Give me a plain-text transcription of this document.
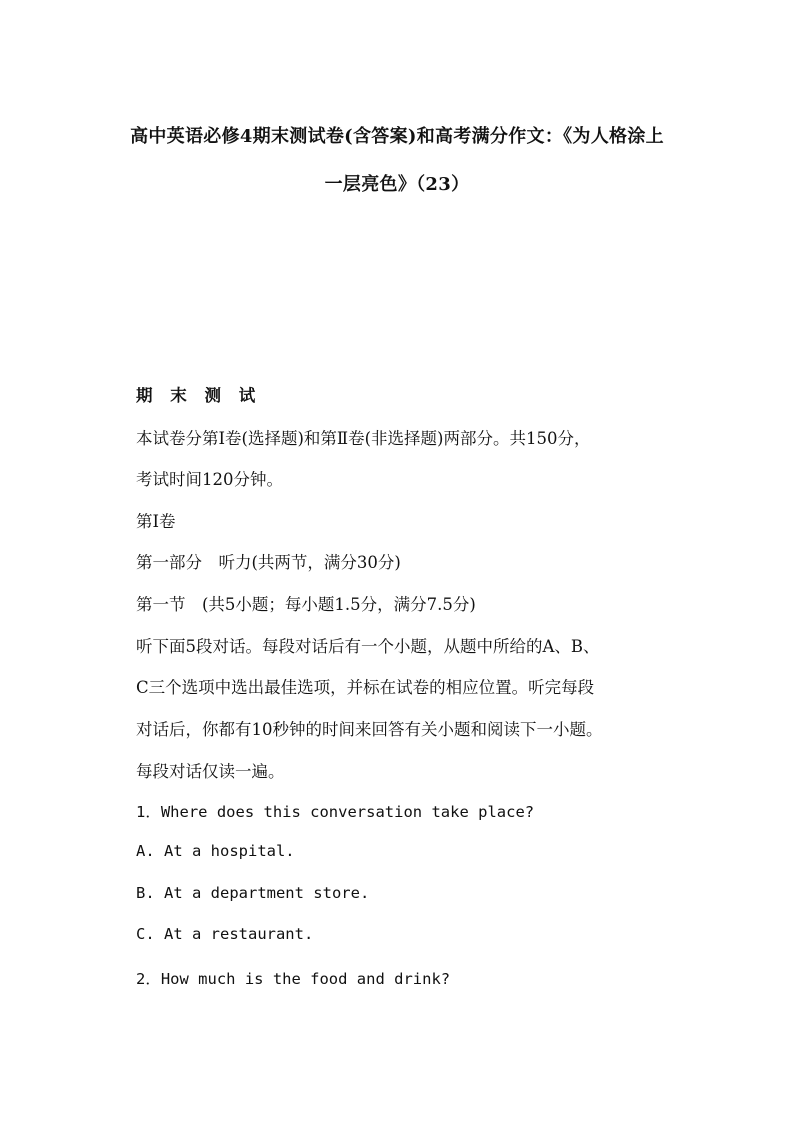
高中英语必修4期末测试卷(含答案)和高考满分作文：《为人格涂上
一层亮色》（23）
期 末 测 试
本试卷分第Ⅰ卷(选择题)和第Ⅱ卷(非选择题)两部分。共150分，
考试时间120分钟。
第Ⅰ卷
第一部分　听力(共两节，满分30分)
第一节　(共5小题；每小题1.5分，满分7.5分)
听下面5段对话。每段对话后有一个小题，从题中所给的A、B、
C三个选项中选出最佳选项，并标在试卷的相应位置。听完每段
对话后，你都有10秒钟的时间来回答有关小题和阅读下一小题。
每段对话仅读一遍。
1．Where does this conversation take place?
A. At a hospital.
B. At a department store.
C. At a restaurant.
2．How much is the food and drink?
